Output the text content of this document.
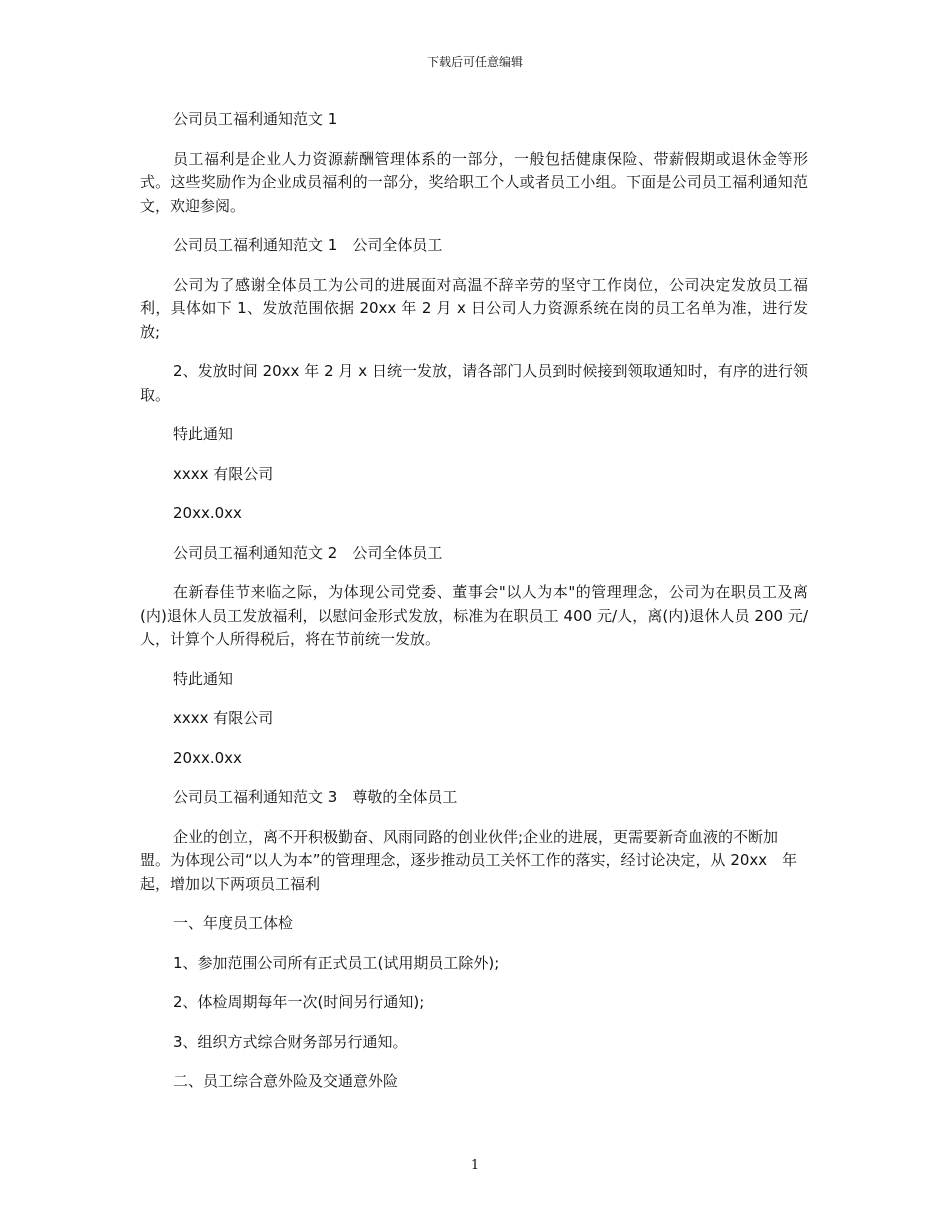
下载后可任意编辑

公司员工福利通知范文 1

员工福利是企业人力资源薪酬管理体系的一部分，一般包括健康保险、带薪假期或退休金等形式。这些奖励作为企业成员福利的一部分，奖给职工个人或者员工小组。下面是公司员工福利通知范文，欢迎参阅。

公司员工福利通知范文 1　公司全体员工

公司为了感谢全体员工为公司的进展面对高温不辞辛劳的坚守工作岗位，公司决定发放员工福利，具体如下 1、发放范围依据 20xx 年 2 月 x 日公司人力资源系统在岗的员工名单为准，进行发放;

2、发放时间 20xx 年 2 月 x 日统一发放，请各部门人员到时候接到领取通知时，有序的进行领取。

特此通知

xxxx 有限公司

20xx.0xx

公司员工福利通知范文 2　公司全体员工

在新春佳节来临之际，为体现公司党委、董事会"以人为本"的管理理念，公司为在职员工及离(内)退休人员工发放福利，以慰问金形式发放，标准为在职员工 400 元/人，离(内)退休人员 200 元/人，计算个人所得税后，将在节前统一发放。

特此通知

xxxx 有限公司

20xx.0xx

公司员工福利通知范文 3　尊敬的全体员工

企业的创立，离不开积极勤奋、风雨同路的创业伙伴;企业的进展，更需要新奇血液的不断加盟。为体现公司“以人为本”的管理理念，逐步推动员工关怀工作的落实，经讨论决定，从 20xx　年起，增加以下两项员工福利

一、年度员工体检

1、参加范围公司所有正式员工(试用期员工除外);

2、体检周期每年一次(时间另行通知);

3、组织方式综合财务部另行通知。

二、员工综合意外险及交通意外险

1
